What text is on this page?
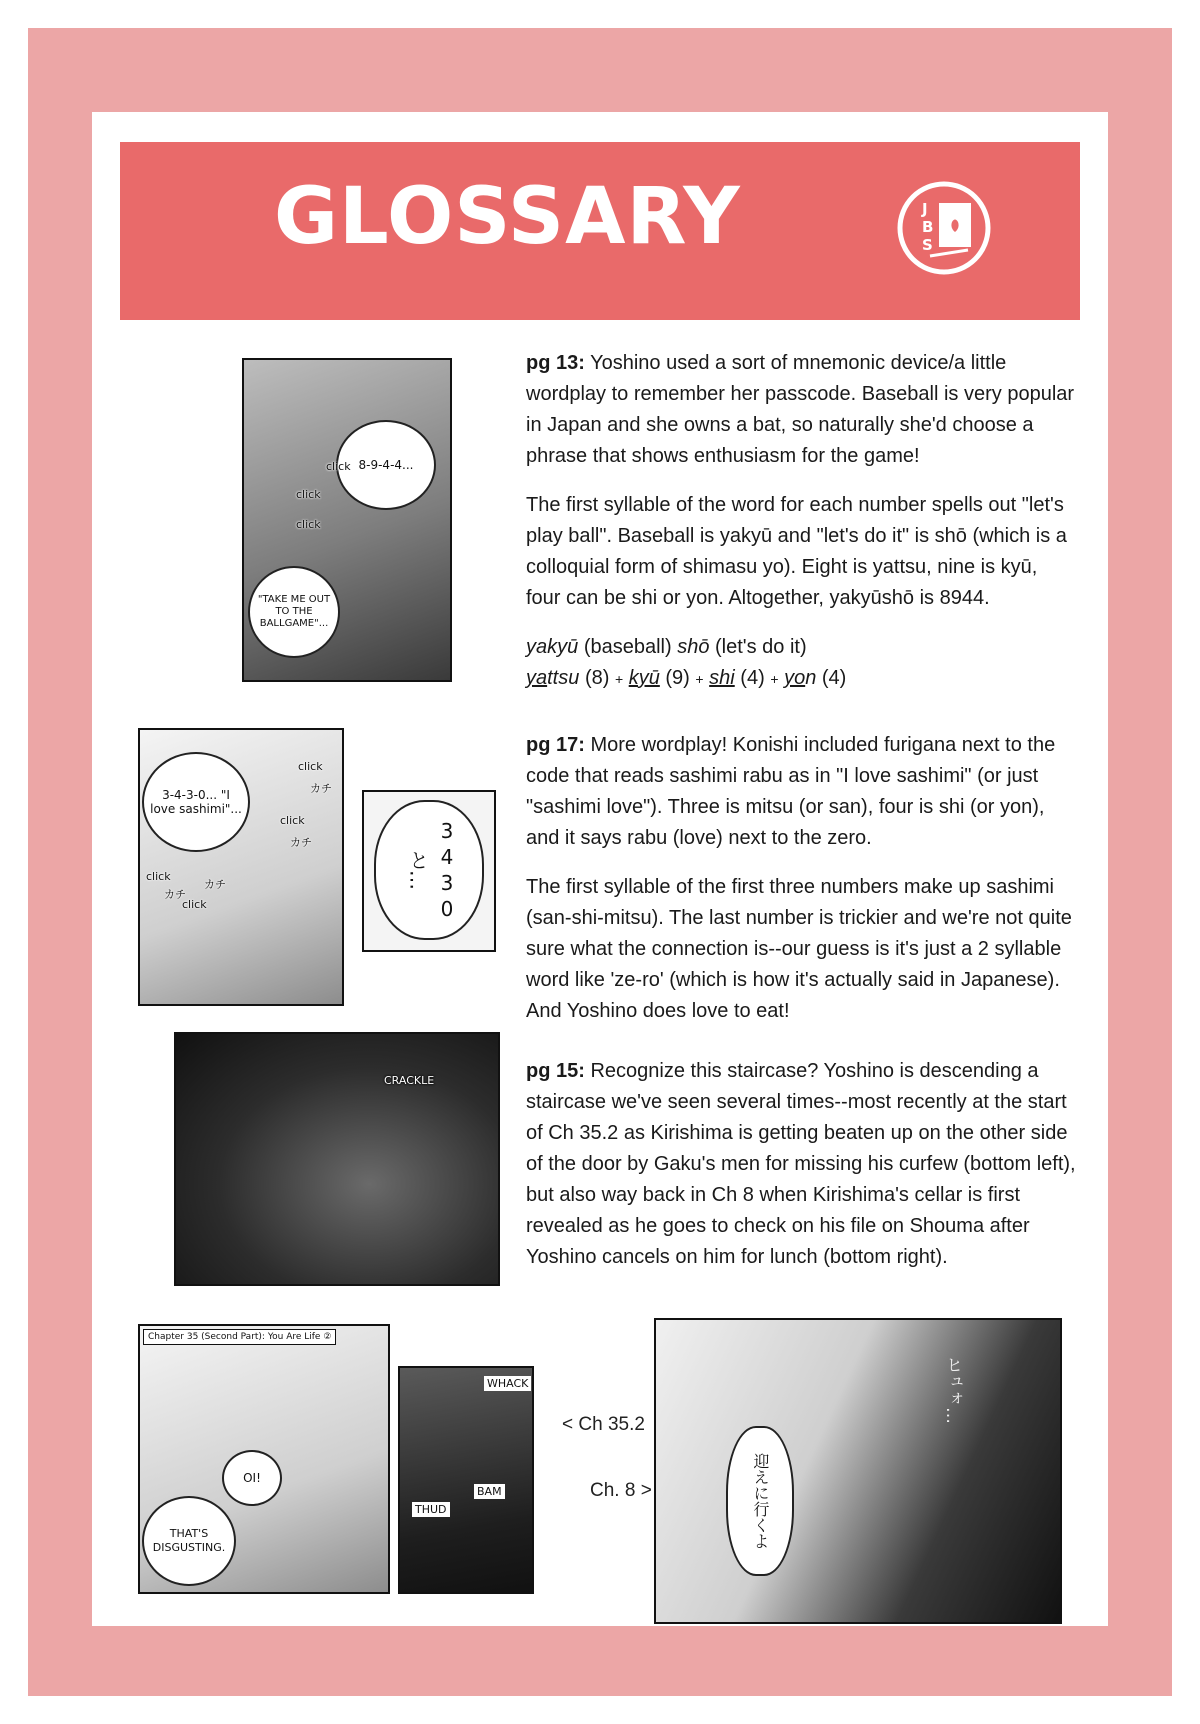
GLOSSARY	J
B
S
8-9-4-4...
"TAKE ME OUT TO THE BALLGAME"...
click
click
click
3-4-3-0... "I love sashimi"...
click
click
click
click
カチ
カチ
カチ
カチ	と…
3
4
3
0
CRACKLE
Chapter 35 (Second Part): You Are Life ②
OI!
THAT'S DISGUSTING.
WHACK
THUD
BAM
< Ch 35.2
Ch. 8 >
ヒュォ…
迎えに行くよ

pg 13: Yoshino used a sort of mnemonic device/a little wordplay to remember her passcode. Baseball is very popular in Japan and she owns a bat, so naturally she'd choose a phrase that shows enthusiasm for the game!

The first syllable of the word for each number spells out "let's play ball". Baseball is yakyū and "let's do it" is shō (which is a colloquial form of shimasu yo). Eight is yattsu, nine is kyū, four can be shi or yon. Altogether, yakyūshō is 8944.

yakyū (baseball) shō (let's do it)

yattsu (8) + kyū (9) + shi (4) + yon (4)

pg 17: More wordplay! Konishi included furigana next to the code that reads sashimi rabu as in "I love sashimi" (or just "sashimi love"). Three is mitsu (or san), four is shi (or yon), and it says rabu (love) next to the zero.

The first syllable of the first three numbers make up sashimi (san-shi-mitsu). The last number is trickier and we're not quite sure what the connection is--our guess is it's just a 2 syllable word like 'ze-ro' (which is how it's actually said in Japanese). And Yoshino does love to eat!

pg 15: Recognize this staircase? Yoshino is descending a staircase we've seen several times--most recently at the start of Ch 35.2 as Kirishima is getting beaten up on the other side of the door by Gaku's men for missing his curfew (bottom left), but also way back in Ch 8 when Kirishima's cellar is first revealed as he goes to check on his file on Shouma after Yoshino cancels on him for lunch (bottom right).
